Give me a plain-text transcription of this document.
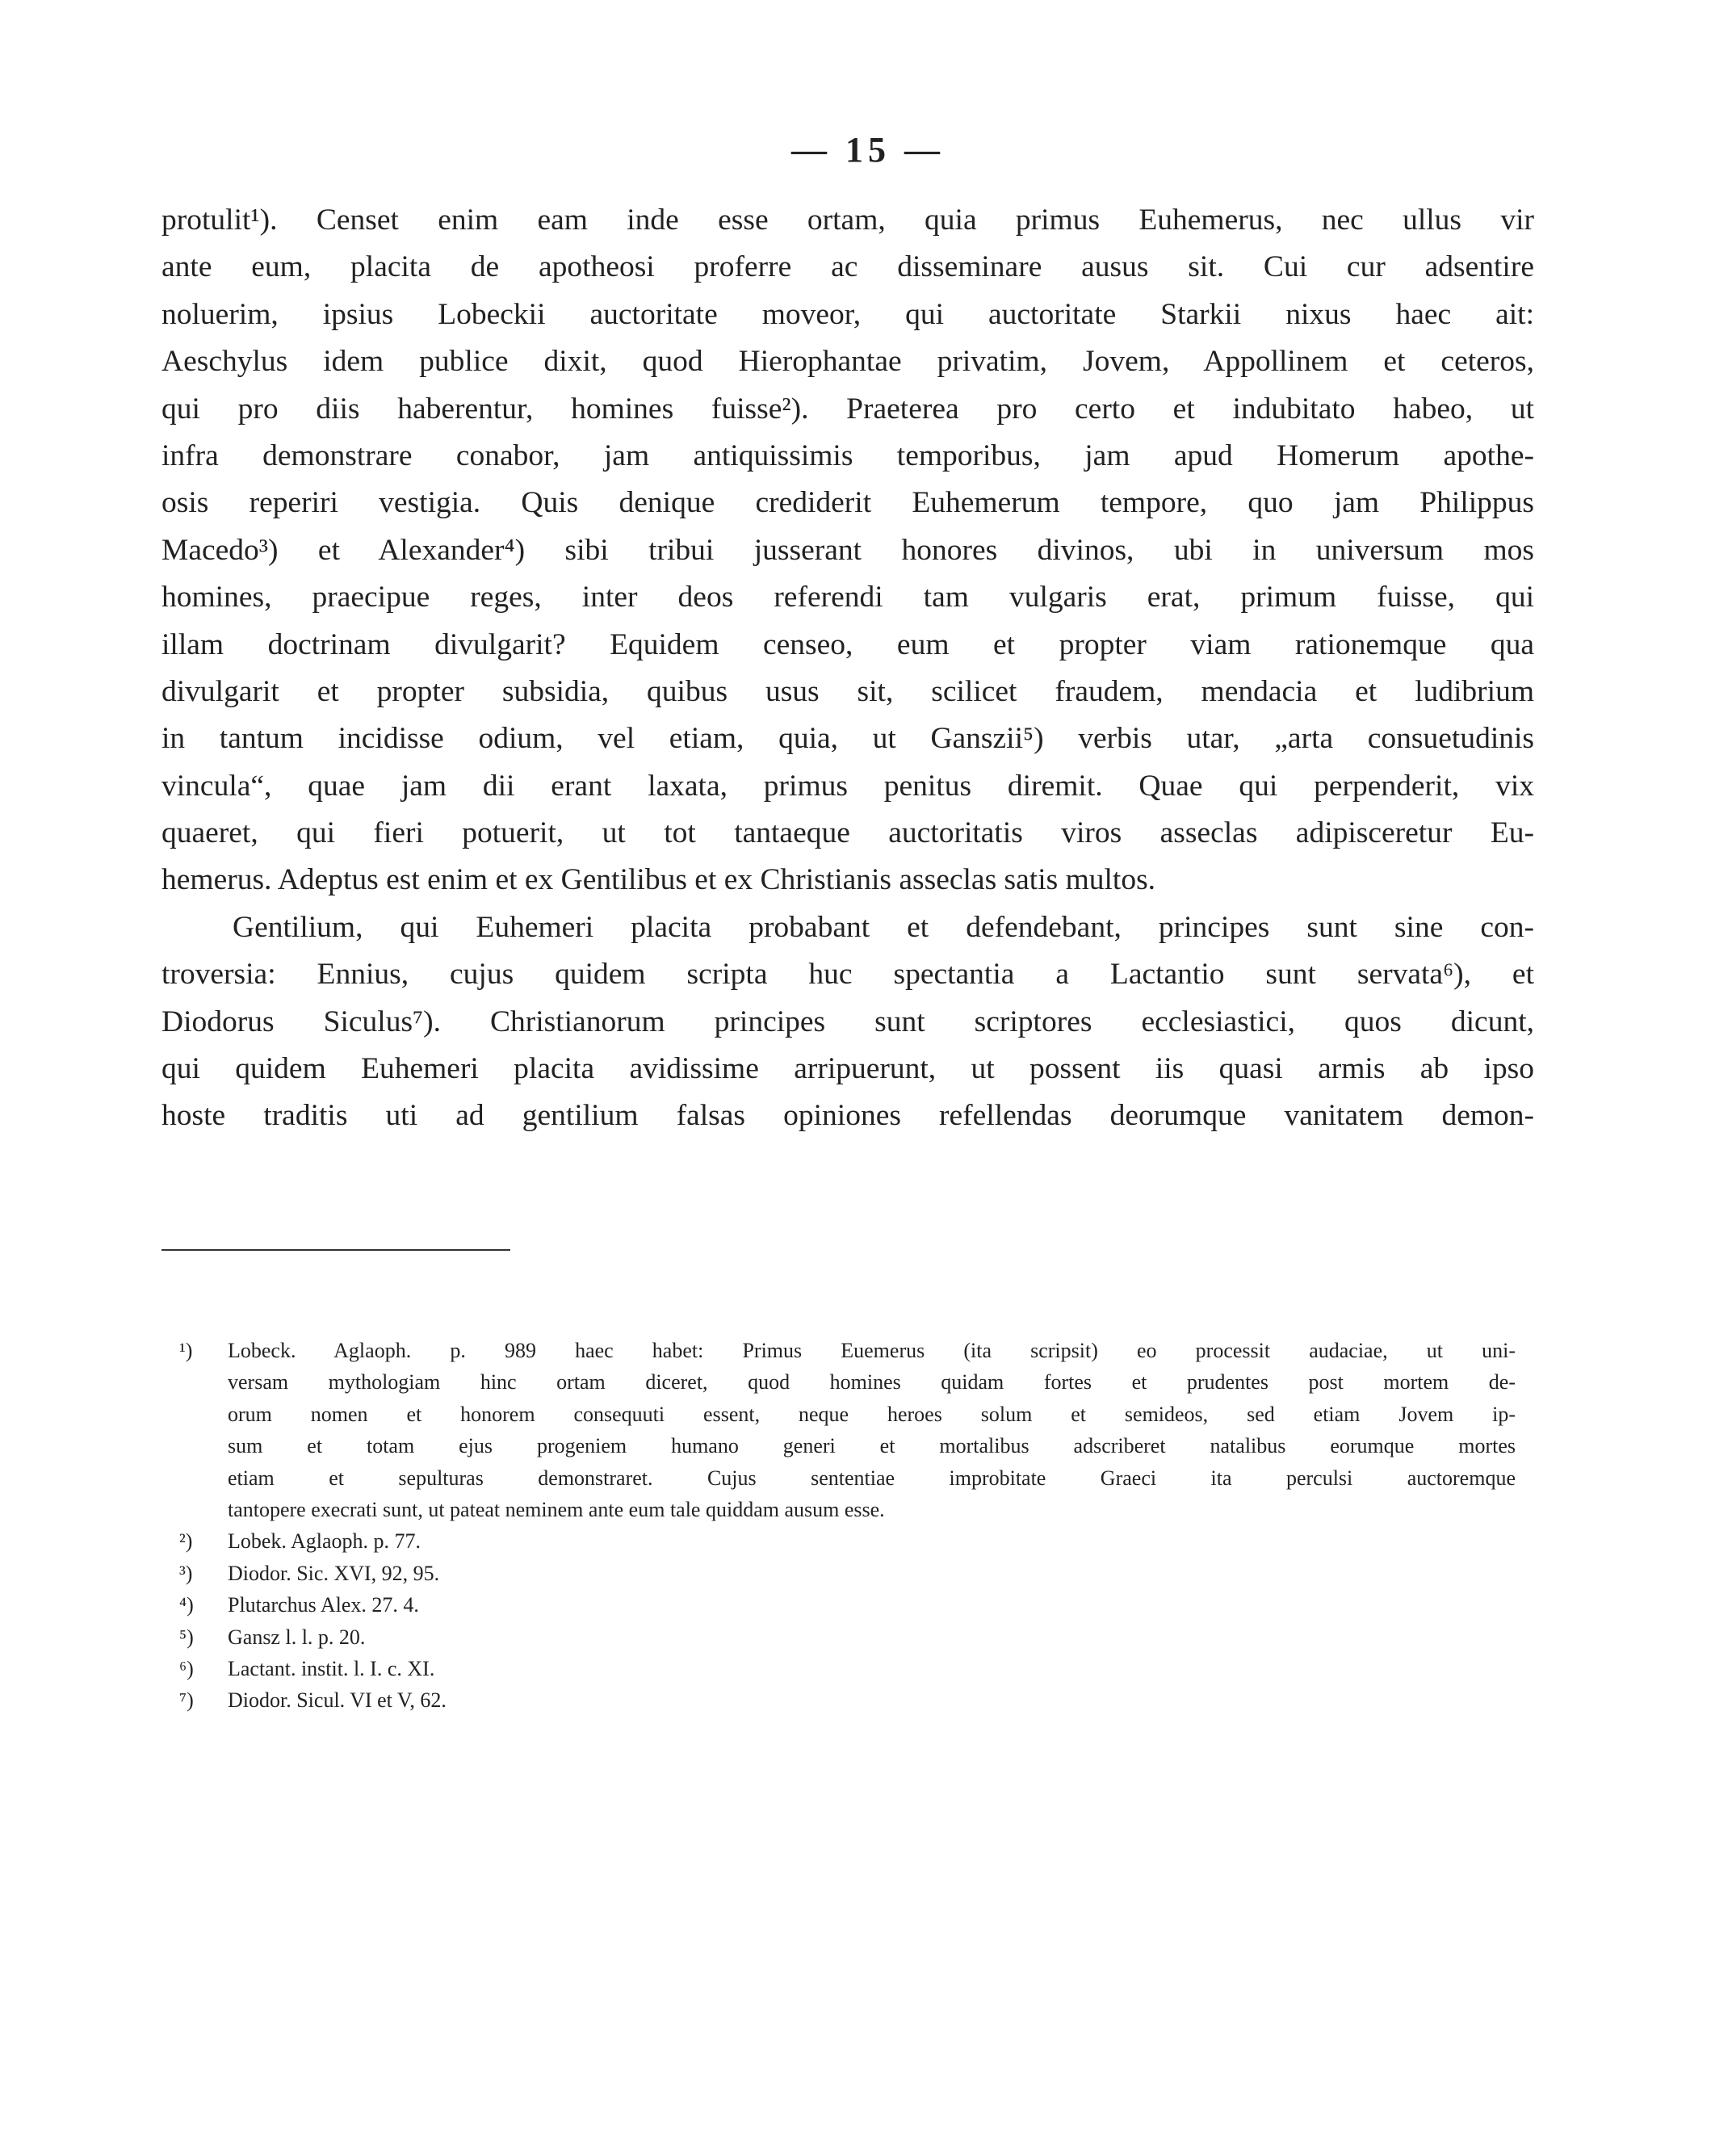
— 15 —
protulit¹). Censet enim eam inde esse ortam, quia primus Euhemerus, nec ullus vir
ante eum, placita de apotheosi proferre ac disseminare ausus sit. Cui cur adsentire
noluerim, ipsius Lobeckii auctoritate moveor, qui auctoritate Starkii nixus haec ait:
Aeschylus idem publice dixit, quod Hierophantae privatim, Jovem, Appollinem et ceteros,
qui pro diis haberentur, homines fuisse²). Praeterea pro certo et indubitato habeo, ut
infra demonstrare conabor, jam antiquissimis temporibus, jam apud Homerum apothe-
osis reperiri vestigia. Quis denique crediderit Euhemerum tempore, quo jam Philippus
Macedo³) et Alexander⁴) sibi tribui jusserant honores divinos, ubi in universum mos
homines, praecipue reges, inter deos referendi tam vulgaris erat, primum fuisse, qui
illam doctrinam divulgarit? Equidem censeo, eum et propter viam rationemque qua
divulgarit et propter subsidia, quibus usus sit, scilicet fraudem, mendacia et ludibrium
in tantum incidisse odium, vel etiam, quia, ut Ganszii⁵) verbis utar, „arta consuetudinis
vincula“, quae jam dii erant laxata, primus penitus diremit. Quae qui perpenderit, vix
quaeret, qui fieri potuerit, ut tot tantaeque auctoritatis viros asseclas adipisceretur Eu-
hemerus. Adeptus est enim et ex Gentilibus et ex Christianis asseclas satis multos.
Gentilium, qui Euhemeri placita probabant et defendebant, principes sunt sine con-
troversia: Ennius, cujus quidem scripta huc spectantia a Lactantio sunt servata⁶), et
Diodorus Siculus⁷). Christianorum principes sunt scriptores ecclesiastici, quos dicunt,
qui quidem Euhemeri placita avidissime arripuerunt, ut possent iis quasi armis ab ipso
hoste traditis uti ad gentilium falsas opiniones refellendas deorumque vanitatem demon-
¹) Lobeck. Aglaoph. p. 989 haec habet: Primus Euemerus (ita scripsit) eo processit audaciae, ut uni-
versam mythologiam hinc ortam diceret, quod homines quidam fortes et prudentes post mortem de-
orum nomen et honorem consequuti essent, neque heroes solum et semideos, sed etiam Jovem ip-
sum et totam ejus progeniem humano generi et mortalibus adscriberet natalibus eorumque mortes
etiam et sepulturas demonstraret. Cujus sententiae improbitate Graeci ita perculsi auctoremque
tantopere execrati sunt, ut pateat neminem ante eum tale quiddam ausum esse.
²) Lobek. Aglaoph. p. 77.
³) Diodor. Sic. XVI, 92, 95.
⁴) Plutarchus Alex. 27. 4.
⁵) Gansz l. l. p. 20.
⁶) Lactant. instit. l. I. c. XI.
⁷) Diodor. Sicul. VI et V, 62.
